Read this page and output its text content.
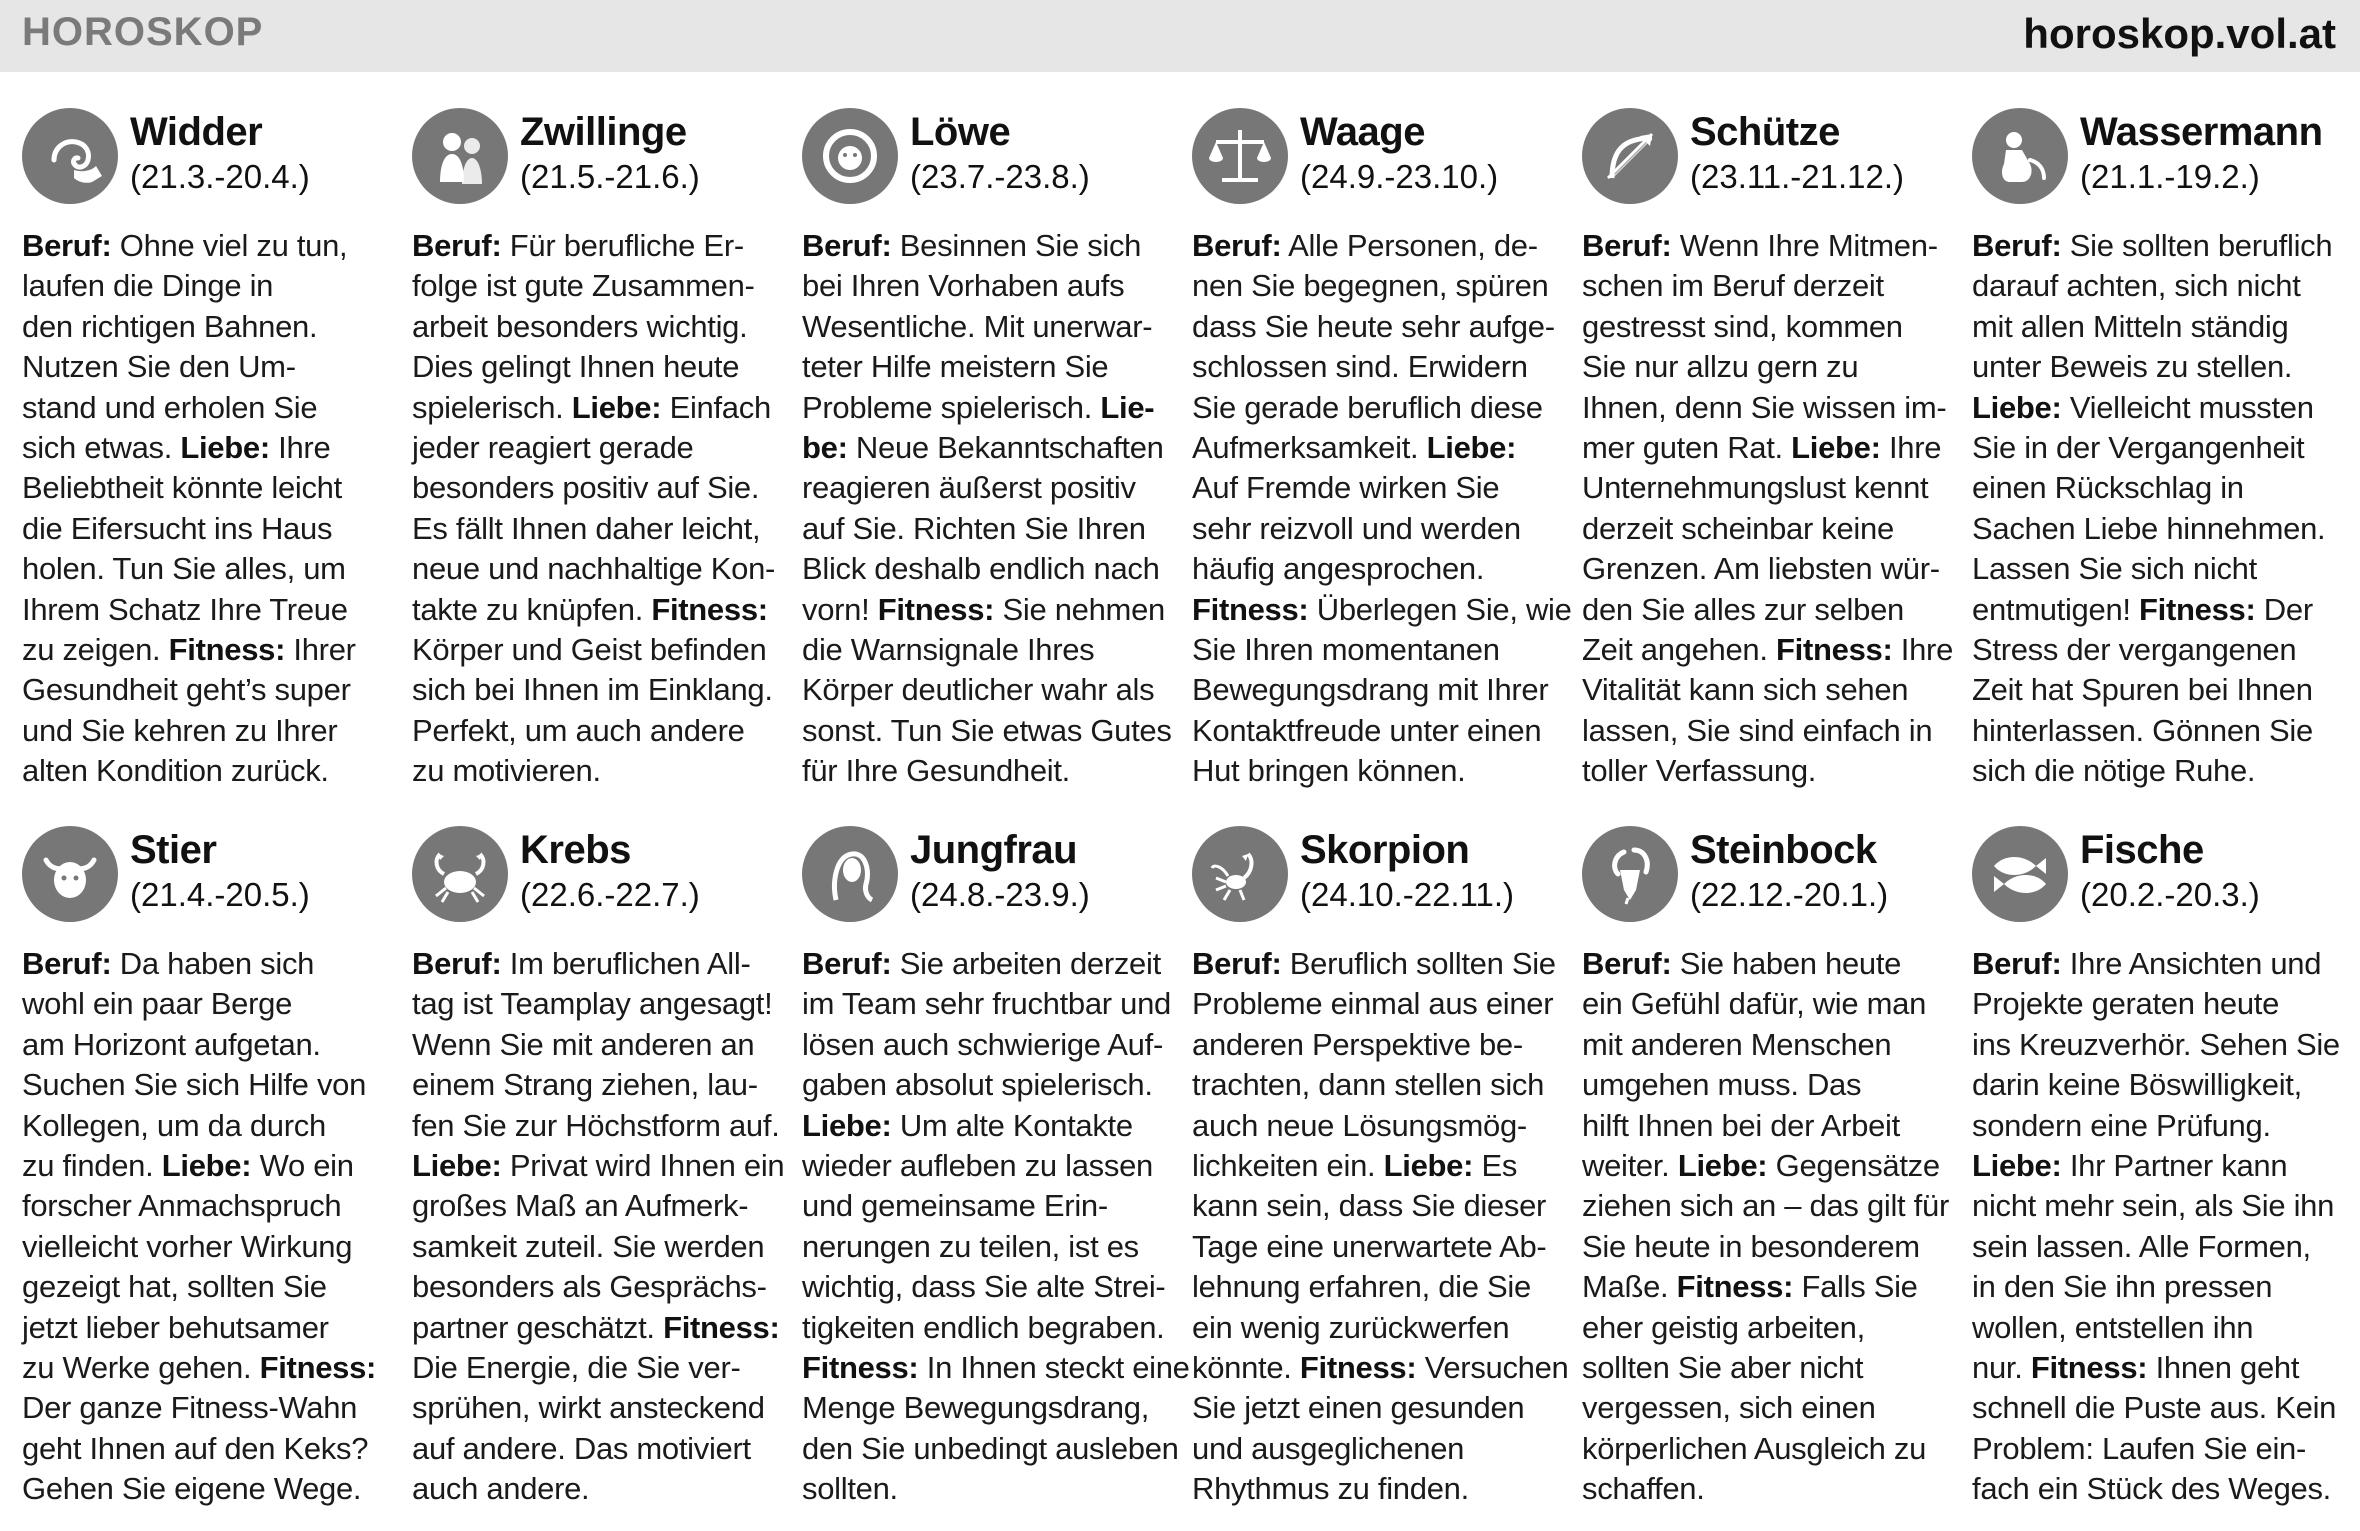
HOROSKOP	horoskop.vol.at
Widder
(21.3.-20.4.)
Beruf: Ohne viel zu tun,
laufen die Dinge in
den richtigen Bahnen.
Nutzen Sie den Um-
stand und erholen Sie
sich etwas. Liebe: Ihre
Beliebtheit könnte leicht
die Eifersucht ins Haus
holen. Tun Sie alles, um
Ihrem Schatz Ihre Treue
zu zeigen. Fitness: Ihrer
Gesundheit geht’s super
und Sie kehren zu Ihrer
alten Kondition zurück.
Zwillinge
(21.5.-21.6.)
Beruf: Für berufliche Er-
folge ist gute Zusammen-
arbeit besonders wichtig.
Dies gelingt Ihnen heute
spielerisch. Liebe: Einfach
jeder reagiert gerade
besonders positiv auf Sie.
Es fällt Ihnen daher leicht,
neue und nachhaltige Kon-
takte zu knüpfen. Fitness:
Körper und Geist befinden
sich bei Ihnen im Einklang.
Perfekt, um auch andere
zu motivieren.
Löwe
(23.7.-23.8.)
Beruf: Besinnen Sie sich
bei Ihren Vorhaben aufs
Wesentliche. Mit unerwar-
teter Hilfe meistern Sie
Probleme spielerisch. Lie-
be: Neue Bekanntschaften
reagieren äußerst positiv
auf Sie. Richten Sie Ihren
Blick deshalb endlich nach
vorn! Fitness: Sie nehmen
die Warnsignale Ihres
Körper deutlicher wahr als
sonst. Tun Sie etwas Gutes
für Ihre Gesundheit.
Waage
(24.9.-23.10.)
Beruf: Alle Personen, de-
nen Sie begegnen, spüren
dass Sie heute sehr aufge-
schlossen sind. Erwidern
Sie gerade beruflich diese
Aufmerksamkeit. Liebe:
Auf Fremde wirken Sie
sehr reizvoll und werden
häufig angesprochen.
Fitness: Überlegen Sie, wie
Sie Ihren momentanen
Bewegungsdrang mit Ihrer
Kontaktfreude unter einen
Hut bringen können.
Schütze
(23.11.-21.12.)
Beruf: Wenn Ihre Mitmen-
schen im Beruf derzeit
gestresst sind, kommen
Sie nur allzu gern zu
Ihnen, denn Sie wissen im-
mer guten Rat. Liebe: Ihre
Unternehmungslust kennt
derzeit scheinbar keine
Grenzen. Am liebsten wür-
den Sie alles zur selben
Zeit angehen. Fitness: Ihre
Vitalität kann sich sehen
lassen, Sie sind einfach in
toller Verfassung.
Wassermann
(21.1.-19.2.)
Beruf: Sie sollten beruflich
darauf achten, sich nicht
mit allen Mitteln ständig
unter Beweis zu stellen.
Liebe: Vielleicht mussten
Sie in der Vergangenheit
einen Rückschlag in
Sachen Liebe hinnehmen.
Lassen Sie sich nicht
entmutigen! Fitness: Der
Stress der vergangenen
Zeit hat Spuren bei Ihnen
hinterlassen. Gönnen Sie
sich die nötige Ruhe.
Stier
(21.4.-20.5.)
Beruf: Da haben sich
wohl ein paar Berge
am Horizont aufgetan.
Suchen Sie sich Hilfe von
Kollegen, um da durch
zu finden. Liebe: Wo ein
forscher Anmachspruch
vielleicht vorher Wirkung
gezeigt hat, sollten Sie
jetzt lieber behutsamer
zu Werke gehen. Fitness:
Der ganze Fitness-Wahn
geht Ihnen auf den Keks?
Gehen Sie eigene Wege.
Krebs
(22.6.-22.7.)
Beruf: Im beruflichen All-
tag ist Teamplay angesagt!
Wenn Sie mit anderen an
einem Strang ziehen, lau-
fen Sie zur Höchstform auf.
Liebe: Privat wird Ihnen ein
großes Maß an Aufmerk-
samkeit zuteil. Sie werden
besonders als Gesprächs-
partner geschätzt. Fitness:
Die Energie, die Sie ver-
sprühen, wirkt ansteckend
auf andere. Das motiviert
auch andere.
Jungfrau
(24.8.-23.9.)
Beruf: Sie arbeiten derzeit
im Team sehr fruchtbar und
lösen auch schwierige Auf-
gaben absolut spielerisch.
Liebe: Um alte Kontakte
wieder aufleben zu lassen
und gemeinsame Erin-
nerungen zu teilen, ist es
wichtig, dass Sie alte Strei-
tigkeiten endlich begraben.
Fitness: In Ihnen steckt eine
Menge Bewegungsdrang,
den Sie unbedingt ausleben
sollten.
Skorpion
(24.10.-22.11.)
Beruf: Beruflich sollten Sie
Probleme einmal aus einer
anderen Perspektive be-
trachten, dann stellen sich
auch neue Lösungsmög-
lichkeiten ein. Liebe: Es
kann sein, dass Sie dieser
Tage eine unerwartete Ab-
lehnung erfahren, die Sie
ein wenig zurückwerfen
könnte. Fitness: Versuchen
Sie jetzt einen gesunden
und ausgeglichenen
Rhythmus zu finden.
Steinbock
(22.12.-20.1.)
Beruf: Sie haben heute
ein Gefühl dafür, wie man
mit anderen Menschen
umgehen muss. Das
hilft Ihnen bei der Arbeit
weiter. Liebe: Gegensätze
ziehen sich an – das gilt für
Sie heute in besonderem
Maße. Fitness: Falls Sie
eher geistig arbeiten,
sollten Sie aber nicht
vergessen, sich einen
körperlichen Ausgleich zu
schaffen.
Fische
(20.2.-20.3.)
Beruf: Ihre Ansichten und
Projekte geraten heute
ins Kreuzverhör. Sehen Sie
darin keine Böswilligkeit,
sondern eine Prüfung.
Liebe: Ihr Partner kann
nicht mehr sein, als Sie ihn
sein lassen. Alle Formen,
in den Sie ihn pressen
wollen, entstellen ihn
nur. Fitness: Ihnen geht
schnell die Puste aus. Kein
Problem: Laufen Sie ein-
fach ein Stück des Weges.
